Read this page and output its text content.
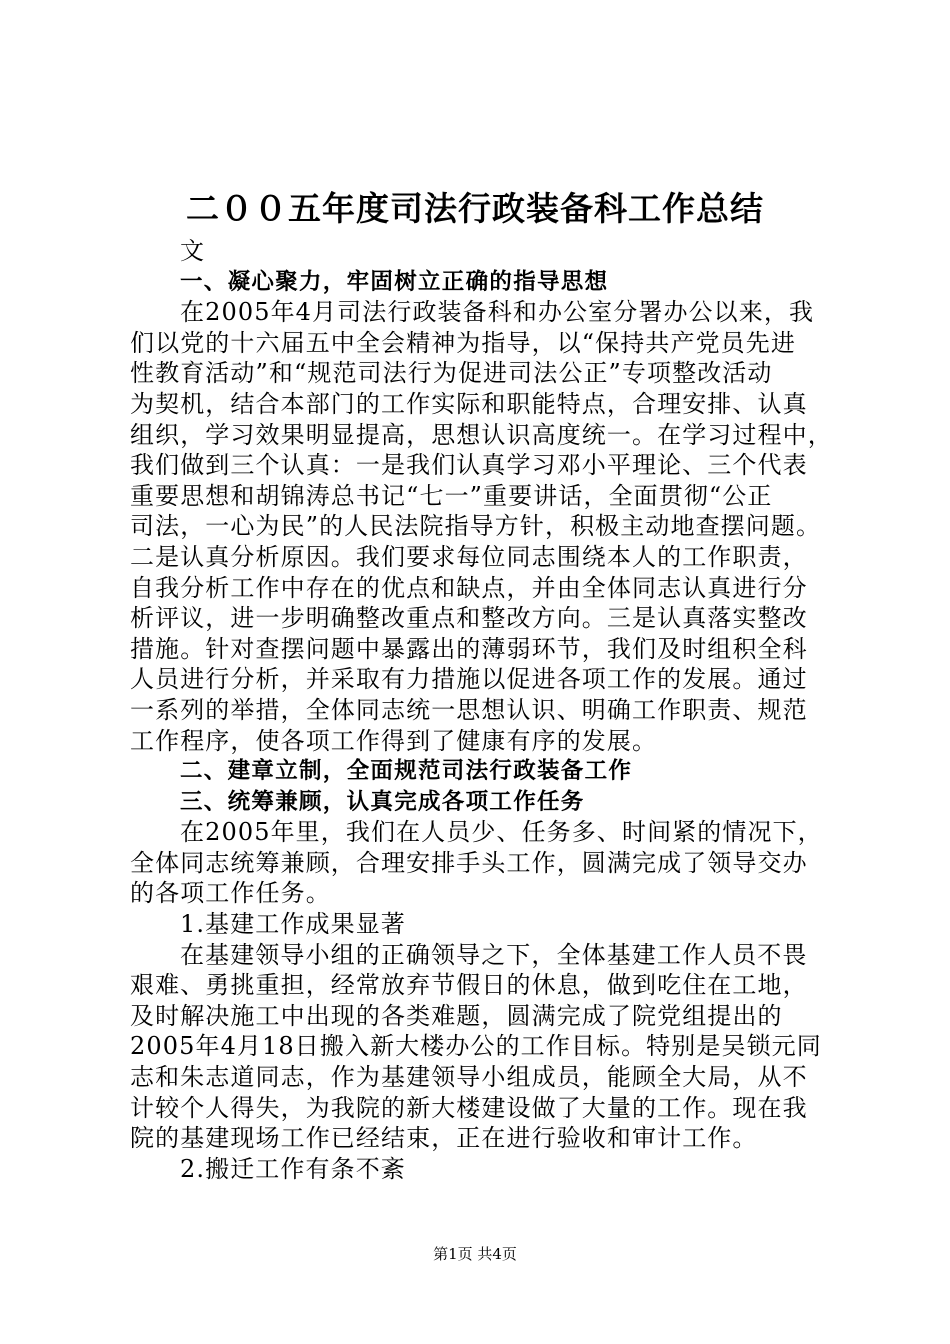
二００五年度司法行政装备科工作总结
文
一、凝心聚力，牢固树立正确的指导思想
在2005年4月司法行政装备科和办公室分署办公以来，我
们以党的十六届五中全会精神为指导，以“保持共产党员先进
性教育活动”和“规范司法行为促进司法公正”专项整改活动
为契机，结合本部门的工作实际和职能特点，合理安排、认真
组织，学习效果明显提高，思想认识高度统一。在学习过程中，
我们做到三个认真：一是我们认真学习邓小平理论、三个代表
重要思想和胡锦涛总书记“七一”重要讲话，全面贯彻“公正
司法，一心为民”的人民法院指导方针，积极主动地查摆问题。
二是认真分析原因。我们要求每位同志围绕本人的工作职责，
自我分析工作中存在的优点和缺点，并由全体同志认真进行分
析评议，进一步明确整改重点和整改方向。三是认真落实整改
措施。针对查摆问题中暴露出的薄弱环节，我们及时组积全科
人员进行分析，并采取有力措施以促进各项工作的发展。通过
一系列的举措，全体同志统一思想认识、明确工作职责、规范
工作程序，使各项工作得到了健康有序的发展。
二、建章立制，全面规范司法行政装备工作
三、统筹兼顾，认真完成各项工作任务
在2005年里，我们在人员少、任务多、时间紧的情况下，
全体同志统筹兼顾，合理安排手头工作，圆满完成了领导交办
的各项工作任务。
1.基建工作成果显著
在基建领导小组的正确领导之下，全体基建工作人员不畏
艰难、勇挑重担，经常放弃节假日的休息，做到吃住在工地，
及时解决施工中出现的各类难题，圆满完成了院党组提出的
2005年4月18日搬入新大楼办公的工作目标。特别是吴锁元同
志和朱志道同志，作为基建领导小组成员，能顾全大局，从不
计较个人得失，为我院的新大楼建设做了大量的工作。现在我
院的基建现场工作已经结束，正在进行验收和审计工作。
2.搬迁工作有条不紊
第1页 共4页
